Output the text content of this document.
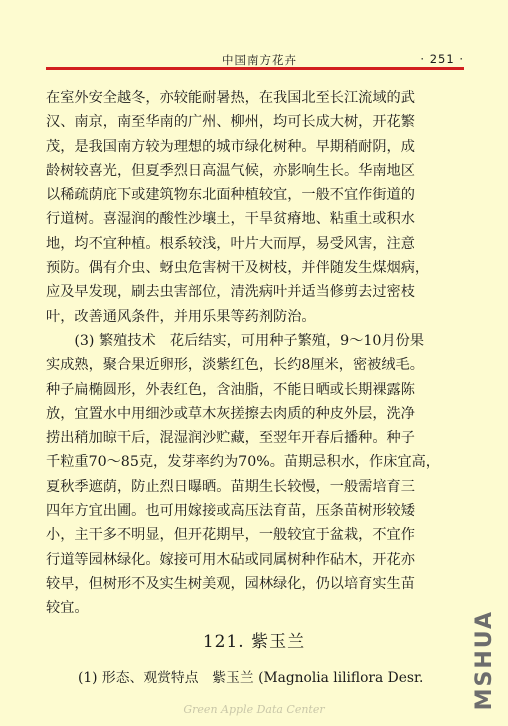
中国南方花卉	· 251 ·
在室外安全越冬，亦较能耐暑热，在我国北至长江流域的武
汉、南京，南至华南的广州、柳州，均可长成大树，开花繁
茂，是我国南方较为理想的城市绿化树种。早期稍耐阴，成
龄树较喜光，但夏季烈日高温气候，亦影响生长。华南地区
以稀疏荫庇下或建筑物东北面种植较宜，一般不宜作街道的
行道树。喜湿润的酸性沙壤土，干旱贫瘠地、粘重土或积水
地，均不宜种植。根系较浅，叶片大而厚，易受风害，注意
预防。偶有介虫、蚜虫危害树干及树枝，并伴随发生煤烟病，
应及早发现，刷去虫害部位，清洗病叶并适当修剪去过密枝
叶，改善通风条件，并用乐果等药剂防治。
　　(3) 繁殖技术　花后结实，可用种子繁殖，9～10月份果
实成熟，聚合果近卵形，淡紫红色，长约8厘米，密被绒毛。
种子扁椭圆形，外表红色，含油脂，不能日晒或长期裸露陈
放，宜置水中用细沙或草木灰搓擦去肉质的种皮外层，洗净
捞出稍加晾干后，混湿润沙贮藏，至翌年开春后播种。种子
千粒重70～85克，发芽率约为70%。苗期忌积水，作床宜高，
夏秋季遮荫，防止烈日曝晒。苗期生长较慢，一般需培育三
四年方宜出圃。也可用嫁接或高压法育苗，压条苗树形较矮
小，主干多不明显，但开花期早，一般较宜于盆栽，不宜作
行道等园林绿化。嫁接可用木砧或同属树种作砧木，开花亦
较早，但树形不及实生树美观，园林绿化，仍以培育实生苗
较宜。
121. 紫玉兰
(1) 形态、观赏特点　紫玉兰 (Magnolia liliflora Desr.	MSHUA
Green Apple Data Center
